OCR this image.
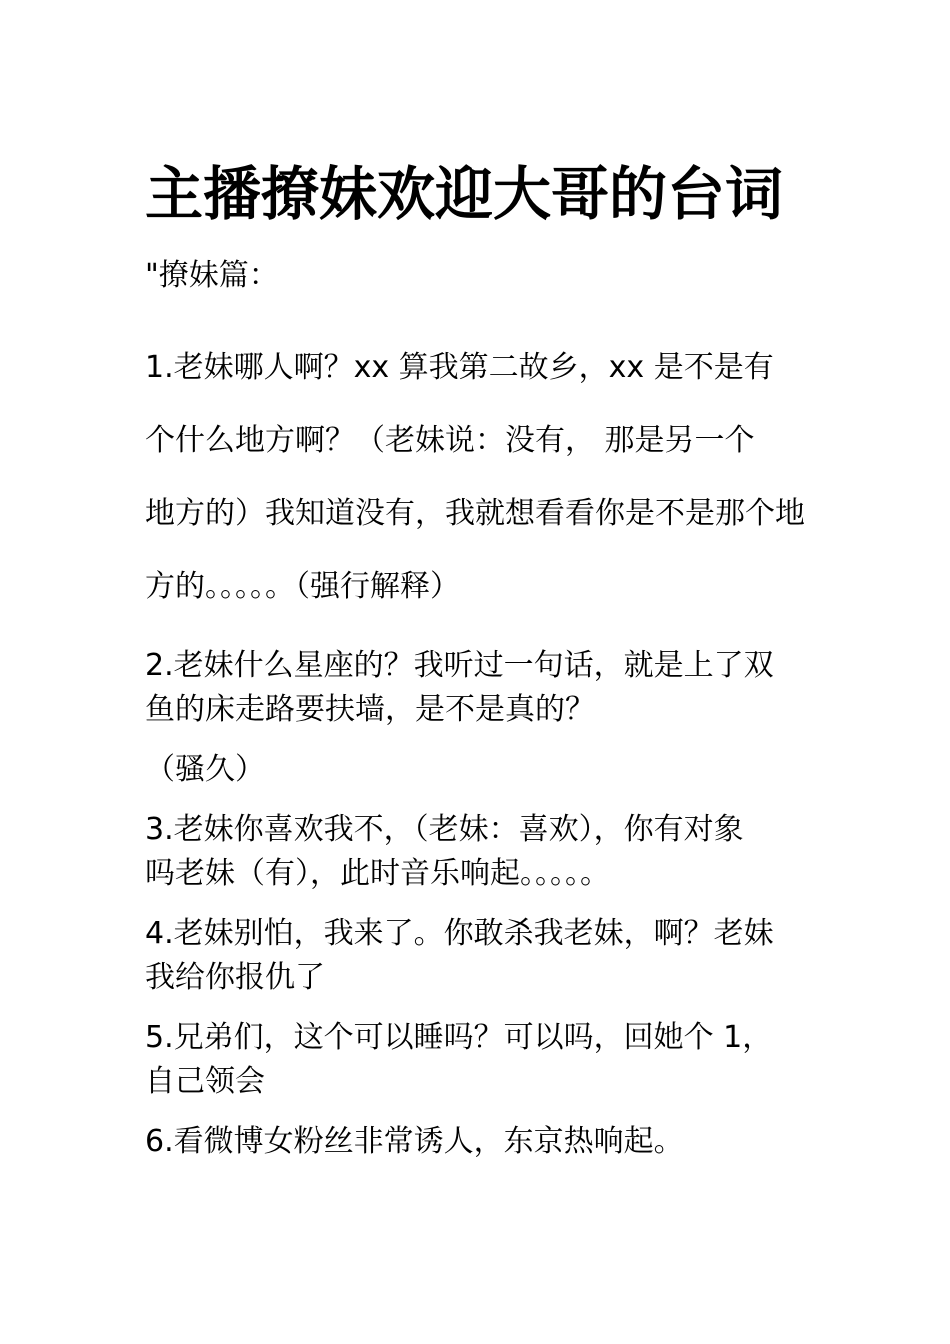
主播撩妹欢迎大哥的台词
"撩妹篇：
1.老妹哪人啊？xx 算我第二故乡，xx 是不是有
个什么地方啊？（老妹说：没有， 那是另一个
地方的）我知道没有，我就想看看你是不是那个地
方的。。。。。（强行解释）
2.老妹什么星座的？我听过一句话，就是上了双
鱼的床走路要扶墙，是不是真的？
（骚久）
3.老妹你喜欢我不，（老妹：喜欢），你有对象
吗老妹（有），此时音乐响起。。。。。
4.老妹别怕，我来了。你敢杀我老妹，啊？老妹
我给你报仇了
5.兄弟们，这个可以睡吗？可以吗，回她个 1，
自己领会
6.看微博女粉丝非常诱人，东京热响起。
